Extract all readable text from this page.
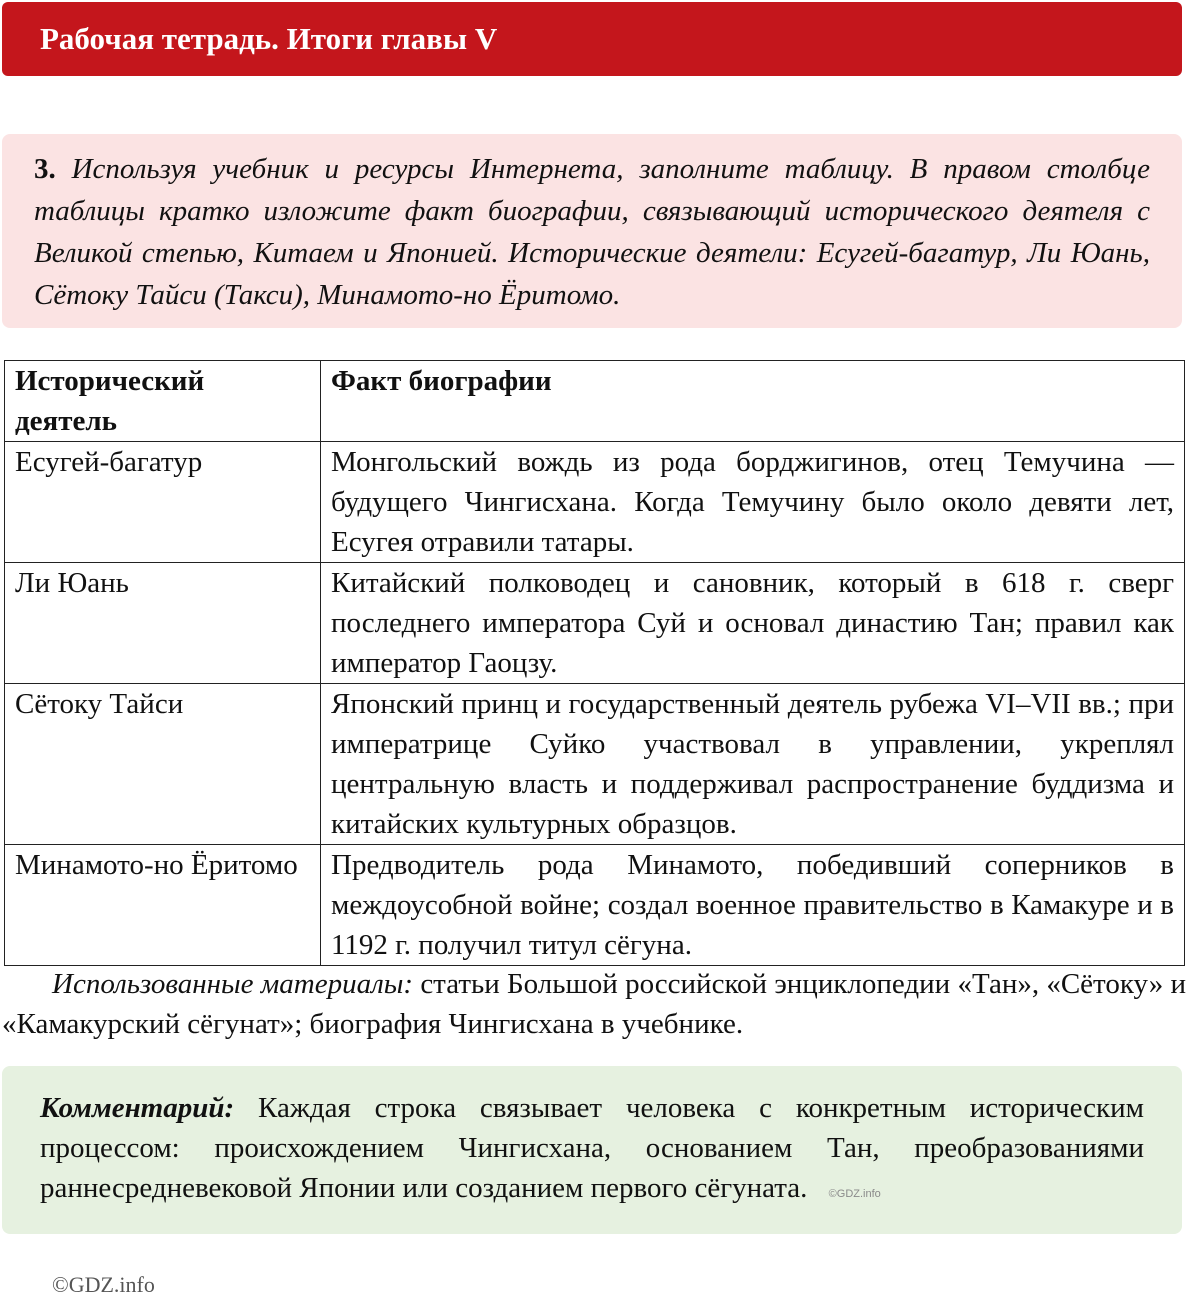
Рабочая тетрадь. Итоги главы V

3. Используя учебник и ресурсы Интернета, заполните таблицу. В правом столбце таблицы кратко изложите факт биографии, связывающий исторического деятеля с Великой степью, Китаем и Японией. Исторические деятели: Есугей-багатур, Ли Юань, Сётоку Тайси (Такси), Минамото-но Ёритомо.

Исторический деятель	Факт биографии
Есугей-багатур	Монгольский вождь из рода борджигинов, отец Темучина — будущего Чингисхана. Когда Темучину было около девяти лет, Есугея отравили татары.
Ли Юань	Китайский полководец и сановник, который в 618 г. сверг последнего императора Суй и основал династию Тан; правил как император Гаоцзу.
Сётоку Тайси	Японский принц и государственный деятель рубежа VI–VII вв.; при императрице Суйко участвовал в управлении, укреплял центральную власть и поддерживал распространение буддизма и китайских культурных образцов.
Минамото-но Ёритомо	Предводитель рода Минамото, победивший соперников в междоусобной войне; создал военное правительство в Камакуре и в 1192 г. получил титул сёгуна.

Использованные материалы: статьи Большой российской энциклопедии «Тан», «Сётоку» и «Камакурский сёгунат»; биография Чингисхана в учебнике.

Комментарий: Каждая строка связывает человека с конкретным историческим процессом: происхождением Чингисхана, основанием Тан, преобразованиями раннесредневековой Японии или созданием первого сёгуната. ©GDZ.info

©GDZ.info
